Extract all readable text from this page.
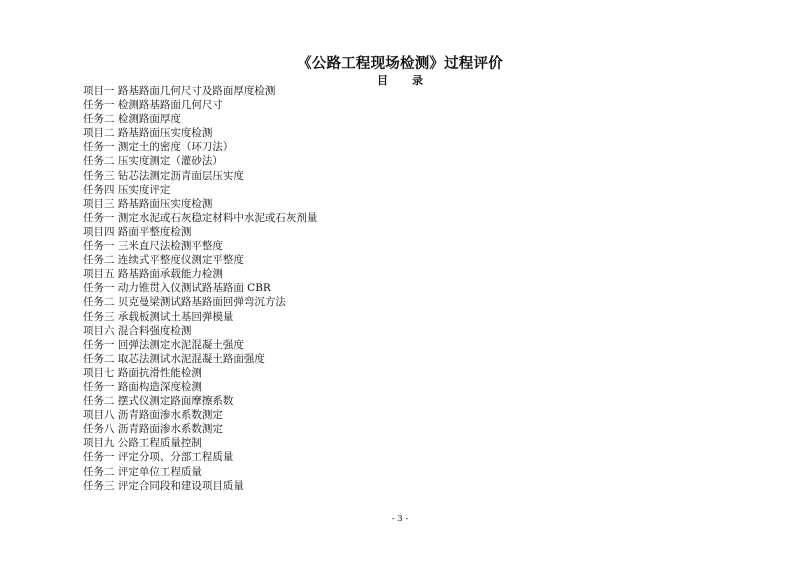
《公路工程现场检测》过程评价
目 录
项目一 路基路面几何尺寸及路面厚度检测
任务一 检测路基路面几何尺寸
任务二 检测路面厚度
项目二 路基路面压实度检测
任务一 测定土的密度（环刀法）
任务二 压实度测定（灌砂法）
任务三 钻芯法测定沥青面层压实度
任务四 压实度评定
项目三 路基路面压实度检测
任务一 测定水泥或石灰稳定材料中水泥或石灰剂量
项目四 路面平整度检测
任务一 三米直尺法检测平整度
任务二 连续式平整度仪测定平整度
项目五 路基路面承载能力检测
任务一 动力锥贯入仪测试路基路面 CBR
任务二 贝克曼梁测试路基路面回弹弯沉方法
任务三 承载板测试土基回弹模量
项目六 混合料强度检测
任务一 回弹法测定水泥混凝土强度
任务二 取芯法测试水泥混凝土路面强度
项目七 路面抗滑性能检测
任务一 路面构造深度检测
任务二 摆式仪测定路面摩擦系数
项目八 沥青路面渗水系数测定
任务八 沥青路面渗水系数测定
项目九 公路工程质量控制
任务一 评定分项、分部工程质量
任务二 评定单位工程质量
任务三 评定合同段和建设项目质量
- 3 -
